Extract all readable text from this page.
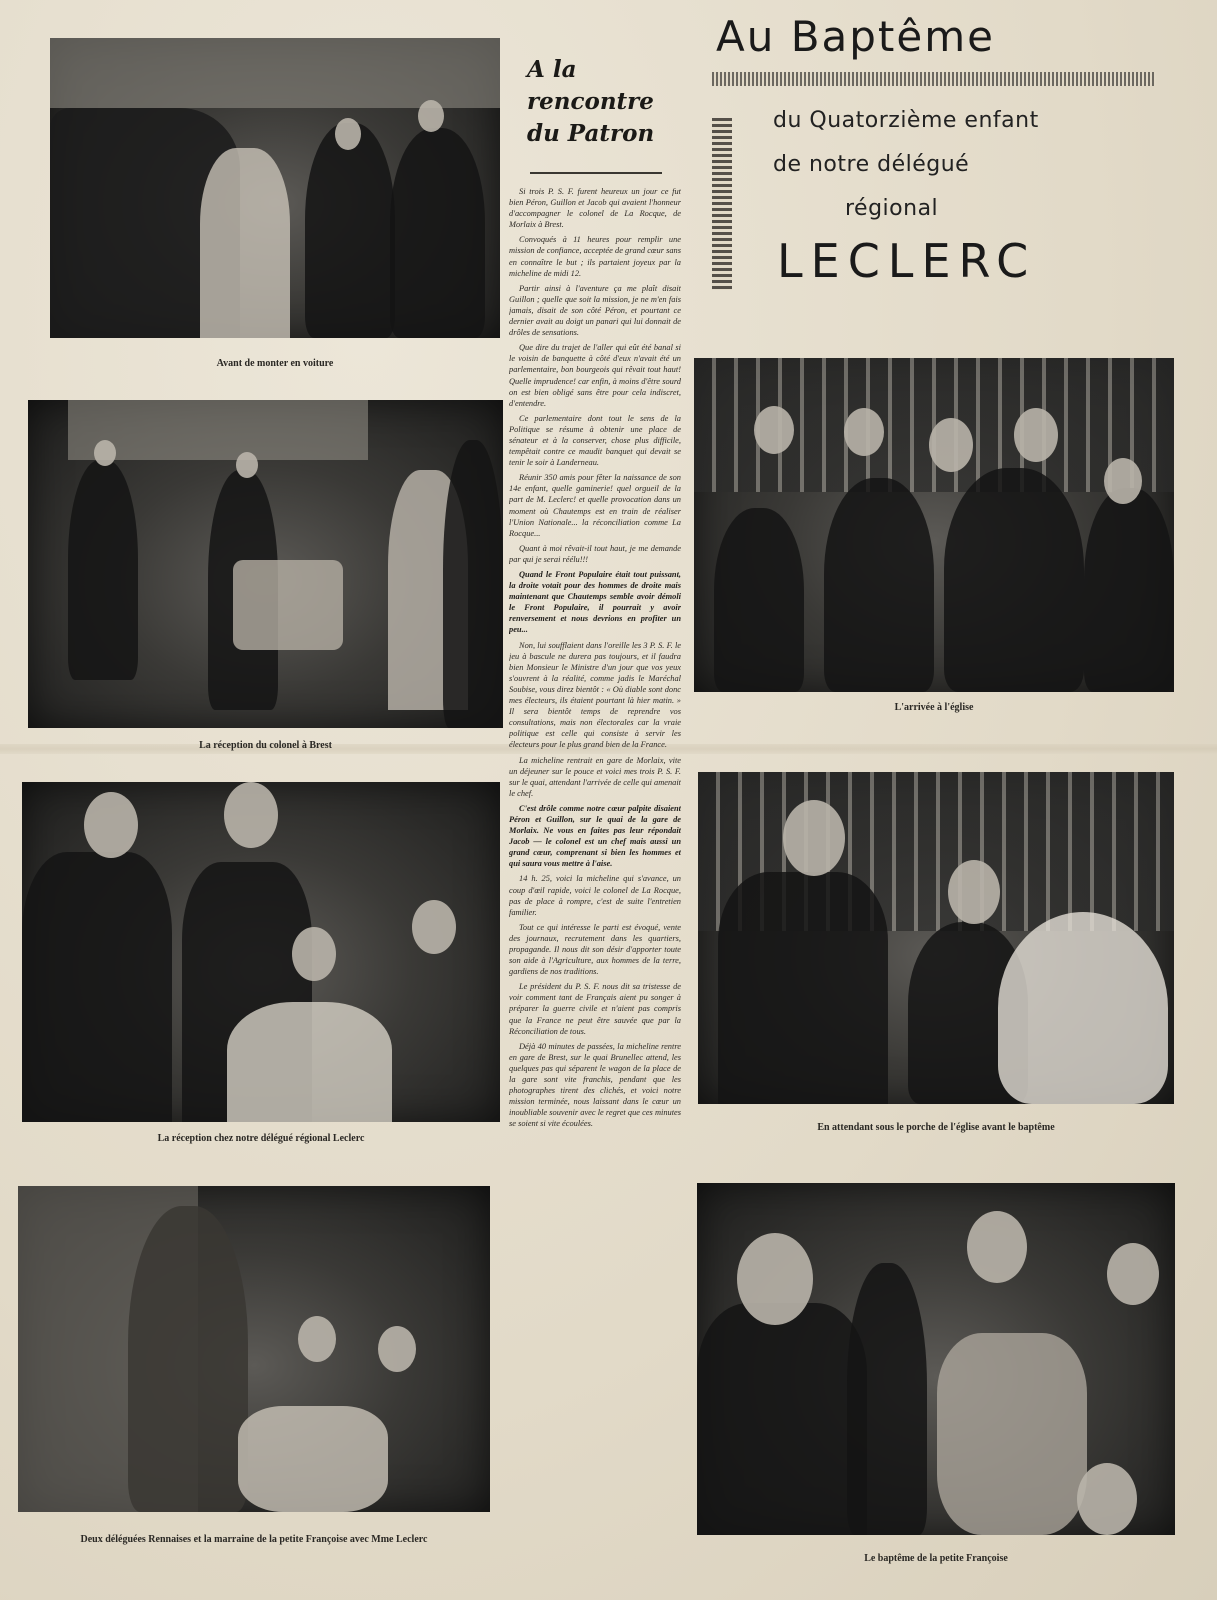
Avant de monter en voiture
La réception du colonel à Brest
La réception chez notre délégué régional Leclerc
Deux déléguées Rennaises et la marraine de la petite Françoise avec Mme Leclerc
A la
rencontre
du Patron

Si trois P. S. F. furent heureux un jour ce fut bien Péron, Guillon et Jacob qui avaient l'honneur d'accompagner le colonel de La Rocque, de Morlaix à Brest.

Convoqués à 11 heures pour remplir une mission de confiance, acceptée de grand cœur sans en connaître le but ; ils partaient joyeux par la micheline de midi 12.

Partir ainsi à l'aventure ça me plaît disait Guillon ; quelle que soit la mission, je ne m'en fais jamais, disait de son côté Péron, et pourtant ce dernier avait au doigt un panari qui lui donnait de drôles de sensations.

Que dire du trajet de l'aller qui eût été banal si le voisin de banquette à côté d'eux n'avait été un parlementaire, bon bourgeois qui rêvait tout haut! Quelle imprudence! car enfin, à moins d'être sourd on est bien obligé sans être pour cela indiscret, d'entendre.

Ce parlementaire dont tout le sens de la Politique se résume à obtenir une place de sénateur et à la conserver, chose plus difficile, tempêtait contre ce maudit banquet qui devait se tenir le soir à Landerneau.

Réunir 350 amis pour fêter la naissance de son 14e enfant, quelle gaminerie! quel orgueil de la part de M. Leclerc! et quelle provocation dans un moment où Chautemps est en train de réaliser l'Union Nationale... la réconciliation comme La Rocque...

Quant à moi rêvait-il tout haut, je me demande par qui je serai réélu!!!

Quand le Front Populaire était tout puissant, la droite votait pour des hommes de droite mais maintenant que Chautemps semble avoir démoli le Front Populaire, il pourrait y avoir renversement et nous devrions en profiter un peu...

Non, lui soufflaient dans l'oreille les 3 P. S. F. le jeu à bascule ne durera pas toujours, et il faudra bien Monsieur le Ministre d'un jour que vos yeux s'ouvrent à la réalité, comme jadis le Maréchal Soubise, vous direz bientôt : « Où diable sont donc mes électeurs, ils étaient pourtant là hier matin. » Il sera bientôt temps de reprendre vos consultations, mais non électorales car la vraie politique est celle qui consiste à servir les électeurs pour le plus grand bien de la France.

La micheline rentrait en gare de Morlaix, vite un déjeuner sur le pouce et voici mes trois P. S. F. sur le quai, attendant l'arrivée de celle qui amenait le chef.

C'est drôle comme notre cœur palpite disaient Péron et Guillon, sur le quai de la gare de Morlaix. Ne vous en faites pas leur répondait Jacob — le colonel est un chef mais aussi un grand cœur, comprenant si bien les hommes et qui saura vous mettre à l'aise.

14 h. 25, voici la micheline qui s'avance, un coup d'œil rapide, voici le colonel de La Rocque, pas de place à rompre, c'est de suite l'entretien familier.

Tout ce qui intéresse le parti est évoqué, vente des journaux, recrutement dans les quartiers, propagande. Il nous dit son désir d'apporter toute son aide à l'Agriculture, aux hommes de la terre, gardiens de nos traditions.

Le président du P. S. F. nous dit sa tristesse de voir comment tant de Français aient pu songer à préparer la guerre civile et n'aient pas compris que la France ne peut être sauvée que par la Réconciliation de tous.

Déjà 40 minutes de passées, la micheline rentre en gare de Brest, sur le quai Brunellec attend, les quelques pas qui séparent le wagon de la place de la gare sont vite franchis, pendant que les photographes tirent des clichés, et voici notre mission terminée, nous laissant dans le cœur un inoubliable souvenir avec le regret que ces minutes se soient si vite écoulées.

Au Baptême
du Quatorzième enfant
de notre délégué
régional
LECLERC
L'arrivée à l'église
En attendant sous le porche de l'église avant le baptême
Le baptême de la petite Françoise
